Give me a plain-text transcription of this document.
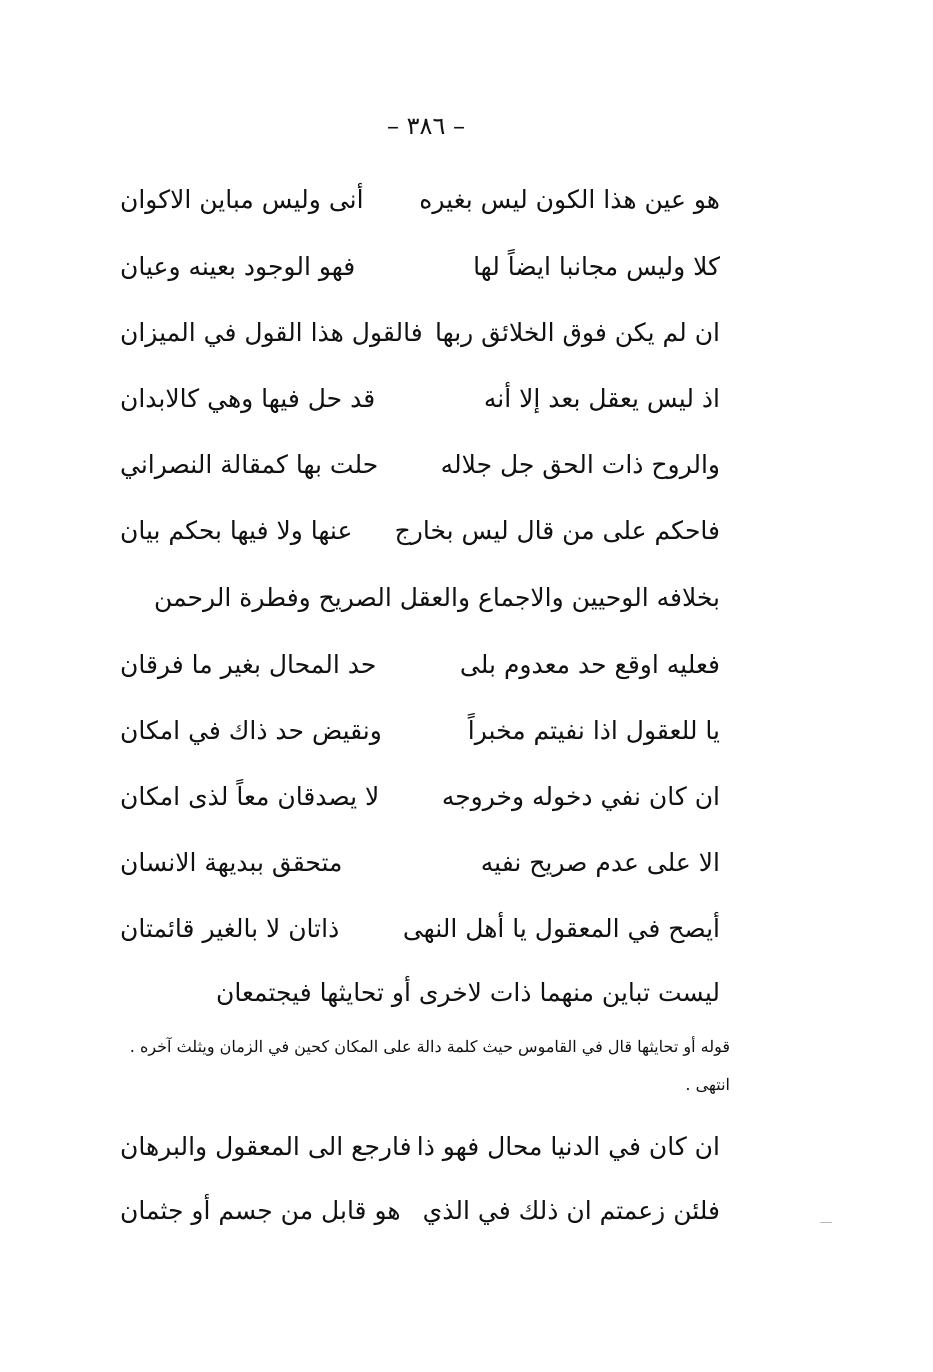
– ٣٨٦ –
هو عين هذا الكون ليس بغيره
أنى وليس مباين الاكوان
كلا وليس مجانبا ايضاً لها
فهو الوجود بعينه وعيان
ان لم يكن فوق الخلائق ربها
فالقول هذا القول في الميزان
اذ ليس يعقل بعد إلا أنه
قد حل فيها وهي كالابدان
والروح ذات الحق جل جلاله
حلت بها كمقالة النصراني
فاحكم على من قال ليس بخارج
عنها ولا فيها بحكم بيان
بخلافه الوحيين والاجماع والعقل الصريح وفطرة الرحمن
فعليه اوقع حد معدوم بلى
حد المحال بغير ما فرقان
يا للعقول اذا نفيتم مخبراً
ونقيض حد ذاك في امكان
ان كان نفي دخوله وخروجه
لا يصدقان معاً لذى امكان
الا على عدم صريح نفيه
متحقق ببديهة الانسان
أيصح في المعقول يا أهل النهى
ذاتان لا بالغير قائمتان
ليست تباين منهما ذات لاخرى أو تحايثها فيجتمعان
قوله أو تحايثها قال في القاموس حيث كلمة دالة على المكان كحين في الزمان ويثلث آخره . انتهى .
ان كان في الدنيا محال فهو ذا
فارجع الى المعقول والبرهان
فلئن زعمتم ان ذلك في الذي
هو قابل من جسم أو جثمان
